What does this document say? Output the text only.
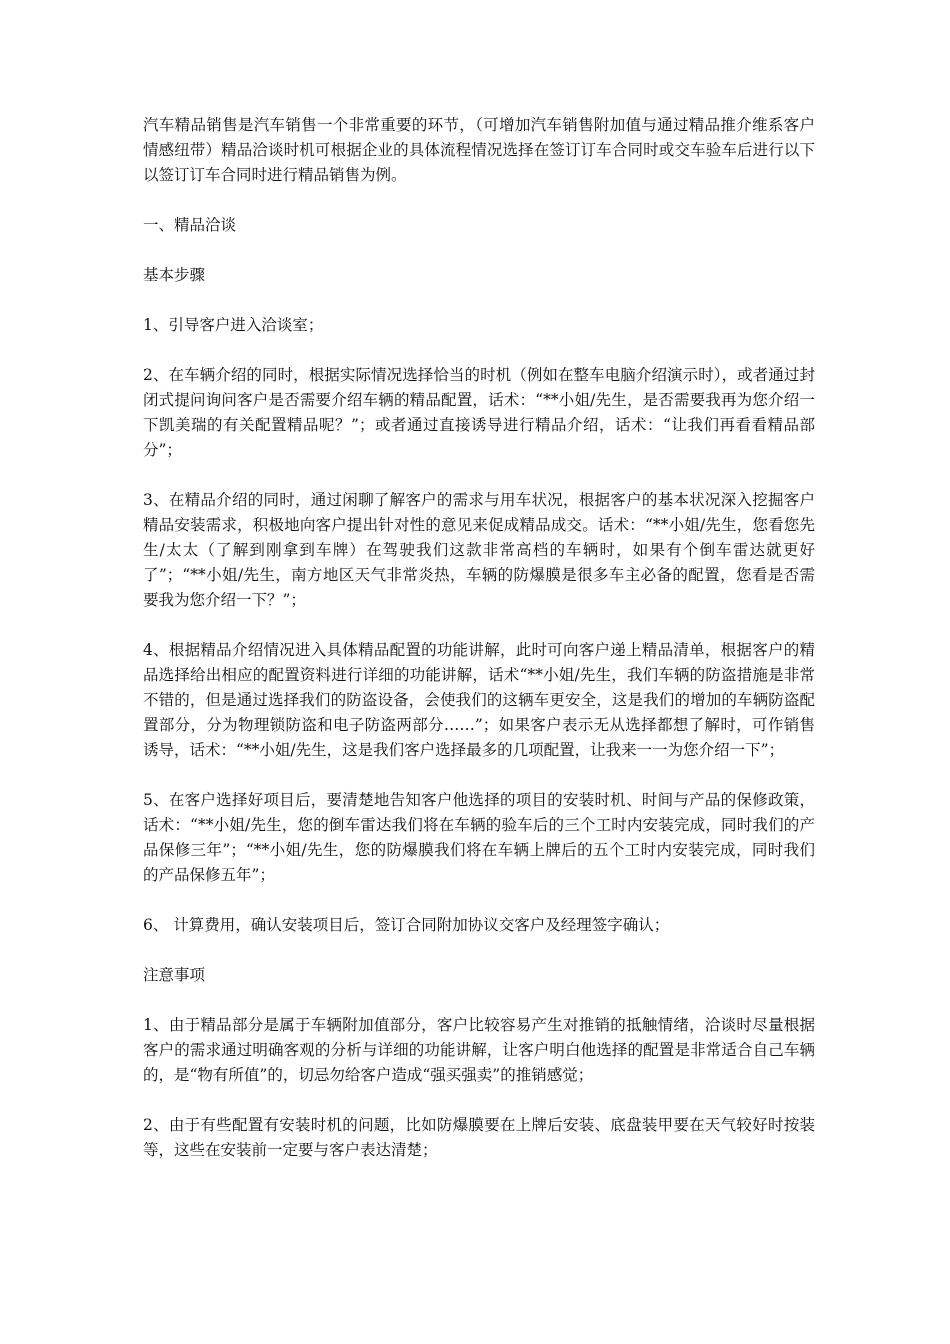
汽车精品销售是汽车销售一个非常重要的环节，（可增加汽车销售附加值与通过精品推介维系客户情感纽带）精品洽谈时机可根据企业的具体流程情况选择在签订订车合同时或交车验车后进行以下以签订订车合同时进行精品销售为例。

一、精品洽谈

基本步骤

1、引导客户进入洽谈室；

2、在车辆介绍的同时，根据实际情况选择恰当的时机（例如在整车电脑介绍演示时），或者通过封闭式提问询问客户是否需要介绍车辆的精品配置，话术：“**小姐/先生，是否需要我再为您介绍一下凯美瑞的有关配置精品呢？”；或者通过直接诱导进行精品介绍，话术：“让我们再看看精品部分”；

3、在精品介绍的同时，通过闲聊了解客户的需求与用车状况，根据客户的基本状况深入挖掘客户精品安装需求，积极地向客户提出针对性的意见来促成精品成交。话术：“**小姐/先生，您看您先生/太太（了解到刚拿到车牌）在驾驶我们这款非常高档的车辆时，如果有个倒车雷达就更好了”；“**小姐/先生，南方地区天气非常炎热，车辆的防爆膜是很多车主必备的配置，您看是否需要我为您介绍一下？”；

4、根据精品介绍情况进入具体精品配置的功能讲解，此时可向客户递上精品清单，根据客户的精品选择给出相应的配置资料进行详细的功能讲解，话术“**小姐/先生，我们车辆的防盗措施是非常不错的，但是通过选择我们的防盗设备，会使我们的这辆车更安全，这是我们的增加的车辆防盗配置部分，分为物理锁防盗和电子防盗两部分……”；如果客户表示无从选择都想了解时，可作销售诱导，话术：“**小姐/先生，这是我们客户选择最多的几项配置，让我来一一为您介绍一下”；

5、在客户选择好项目后，要清楚地告知客户他选择的项目的安装时机、时间与产品的保修政策，话术：“**小姐/先生，您的倒车雷达我们将在车辆的验车后的三个工时内安装完成，同时我们的产品保修三年”；“**小姐/先生，您的防爆膜我们将在车辆上牌后的五个工时内安装完成，同时我们的产品保修五年”；

6、 计算费用，确认安装项目后，签订合同附加协议交客户及经理签字确认；

注意事项

1、由于精品部分是属于车辆附加值部分，客户比较容易产生对推销的抵触情绪，洽谈时尽量根据客户的需求通过明确客观的分析与详细的功能讲解，让客户明白他选择的配置是非常适合自己车辆的，是“物有所值”的，切忌勿给客户造成“强买强卖”的推销感觉；

2、由于有些配置有安装时机的问题，比如防爆膜要在上牌后安装、底盘装甲要在天气较好时按装等，这些在安装前一定要与客户表达清楚；
